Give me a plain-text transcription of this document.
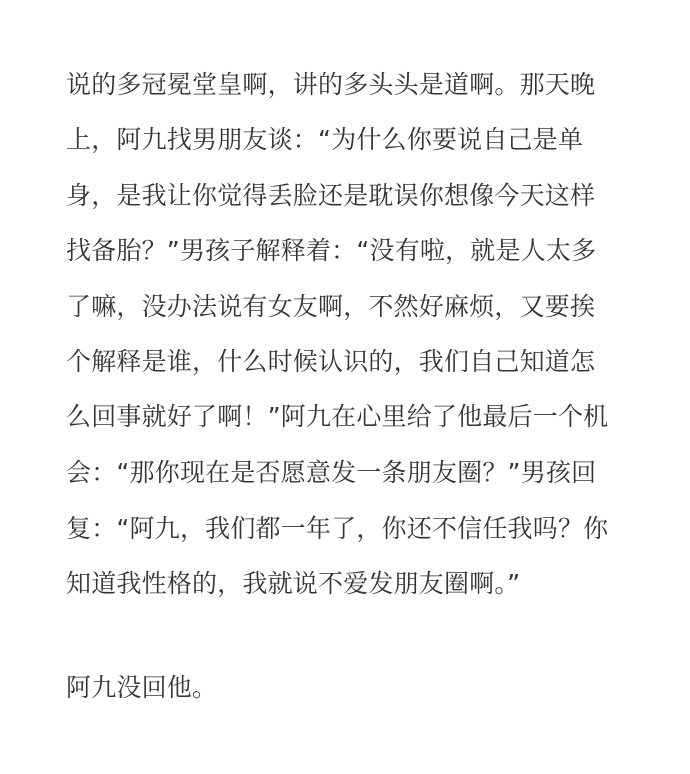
说的多冠冕堂皇啊，讲的多头头是道啊。那天晚
上，阿九找男朋友谈：“为什么你要说自己是单
身，是我让你觉得丢脸还是耽误你想像今天这样
找备胎？”男孩子解释着：“没有啦，就是人太多
了嘛，没办法说有女友啊，不然好麻烦，又要挨
个解释是谁，什么时候认识的，我们自己知道怎
么回事就好了啊！”阿九在心里给了他最后一个机
会：“那你现在是否愿意发一条朋友圈？”男孩回
复：“阿九，我们都一年了，你还不信任我吗？你
知道我性格的，我就说不爱发朋友圈啊。”
阿九没回他。
